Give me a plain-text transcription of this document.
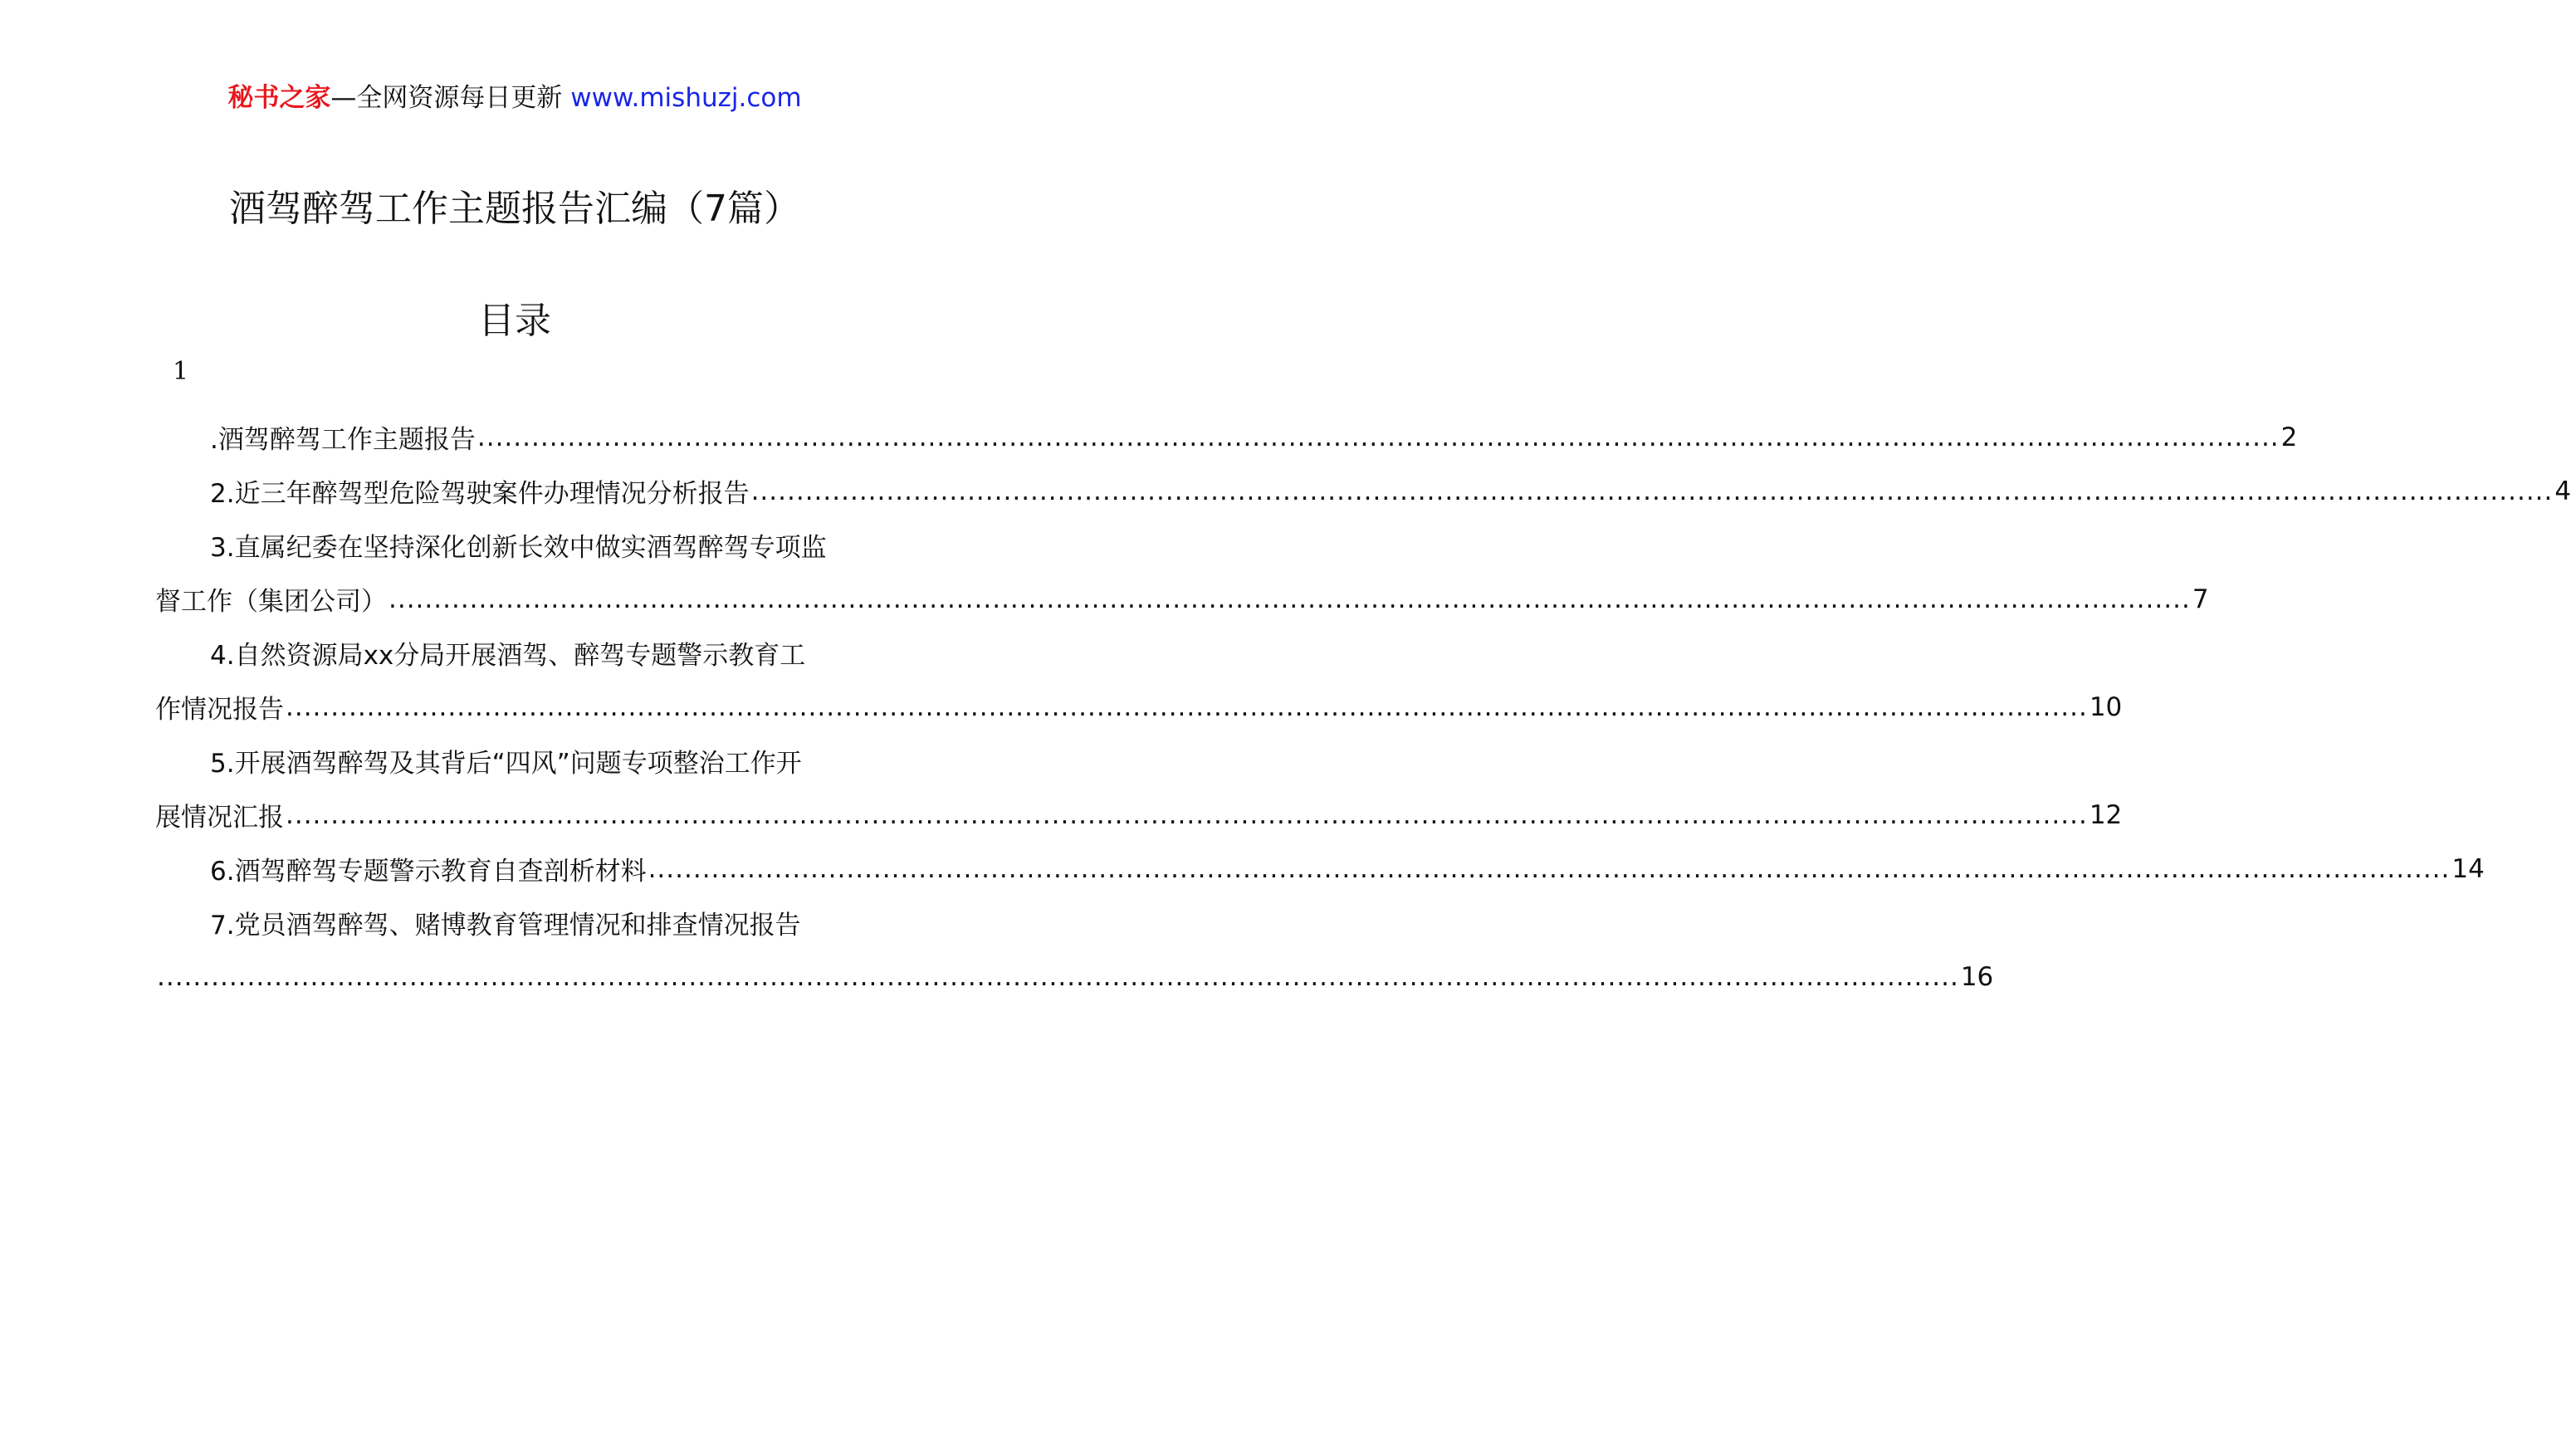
秘书之家—全网资源每日更新 www.mishuzj.com
酒驾醉驾工作主题报告汇编（7篇）
目录
1
.酒驾醉驾工作主题报告 ........................................................................................................................................................................................................ 2
2.近三年醉驾型危险驾驶案件办理情况分析报告 ........................................................................................................................................................................................................ 4
3.直属纪委在坚持深化创新长效中做实酒驾醉驾专项监
督工作（集团公司） ........................................................................................................................................................................................................ 7
4.自然资源局xx分局开展酒驾、醉驾专题警示教育工
作情况报告 ........................................................................................................................................................................................................ 10
5.开展酒驾醉驾及其背后“四风”问题专项整治工作开
展情况汇报 ........................................................................................................................................................................................................ 12
6.酒驾醉驾专题警示教育自查剖析材料 ........................................................................................................................................................................................................ 14
7.党员酒驾醉驾、赌博教育管理情况和排查情况报告
........................................................................................................................................................................................................ 16
